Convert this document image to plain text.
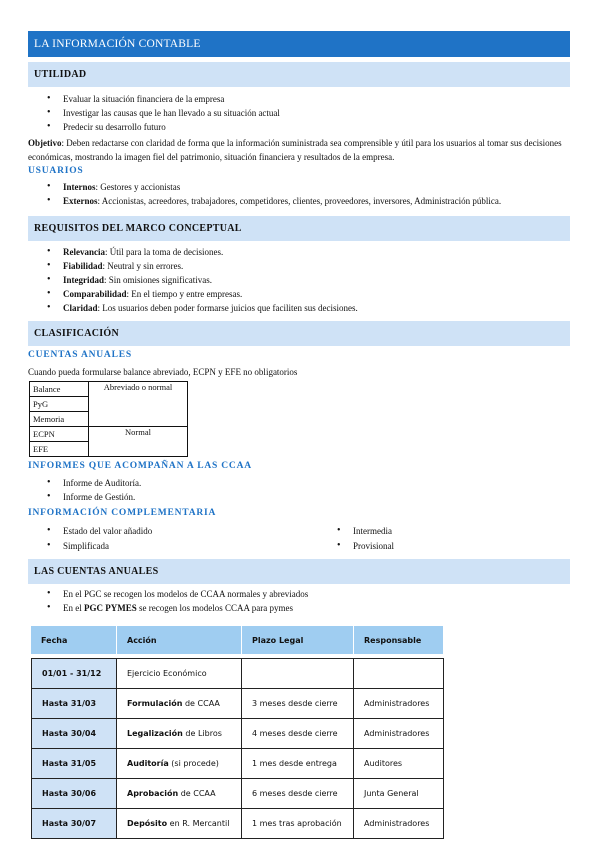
LA INFORMACIÓN CONTABLE
UTILIDAD
Evaluar la situación financiera de la empresa
Investigar las causas que le han llevado a su situación actual
Predecir su desarrollo futuro
Objetivo: Deben redactarse con claridad de forma que la información suministrada sea comprensible y útil para los usuarios al tomar sus decisiones económicas, mostrando la imagen fiel del patrimonio, situación financiera y resultados de la empresa.
USUARIOS
Internos: Gestores y accionistas
Externos: Accionistas, acreedores, trabajadores, competidores, clientes, proveedores, inversores, Administración pública.
REQUISITOS DEL MARCO CONCEPTUAL
Relevancia: Útil para la toma de decisiones.
Fiabilidad: Neutral y sin errores.
Integridad: Sin omisiones significativas.
Comparabilidad: En el tiempo y entre empresas.
Claridad: Los usuarios deben poder formarse juicios que faciliten sus decisiones.
CLASIFICACIÓN
CUENTAS ANUALES
Cuando pueda formularse balance abreviado, ECPN y EFE no obligatorios
Balance	Abreviado o normal
PyG	
Memoria	
ECPN	Normal
EFE	
INFORMES QUE ACOMPAÑAN A LAS CCAA
Informe de Auditoría.
Informe de Gestión.
INFORMACIÓN COMPLEMENTARIA
Estado del valor añadido
Simplificada
Intermedia
Provisional
LAS CUENTAS ANUALES
En el PGC se recogen los modelos de CCAA normales y abreviados
En el PGC PYMES se recogen los modelos CCAA para pymes
Fecha	Acción	Plazo Legal	Responsable

01/01 - 31/12	Ejercicio Económico		
Hasta 31/03	Formulación de CCAA	3 meses desde cierre	Administradores
Hasta 30/04	Legalización de Libros	4 meses desde cierre	Administradores
Hasta 31/05	Auditoría (si procede)	1 mes desde entrega	Auditores
Hasta 30/06	Aprobación de CCAA	6 meses desde cierre	Junta General
Hasta 30/07	Depósito en R. Mercantil	1 mes tras aprobación	Administradores
